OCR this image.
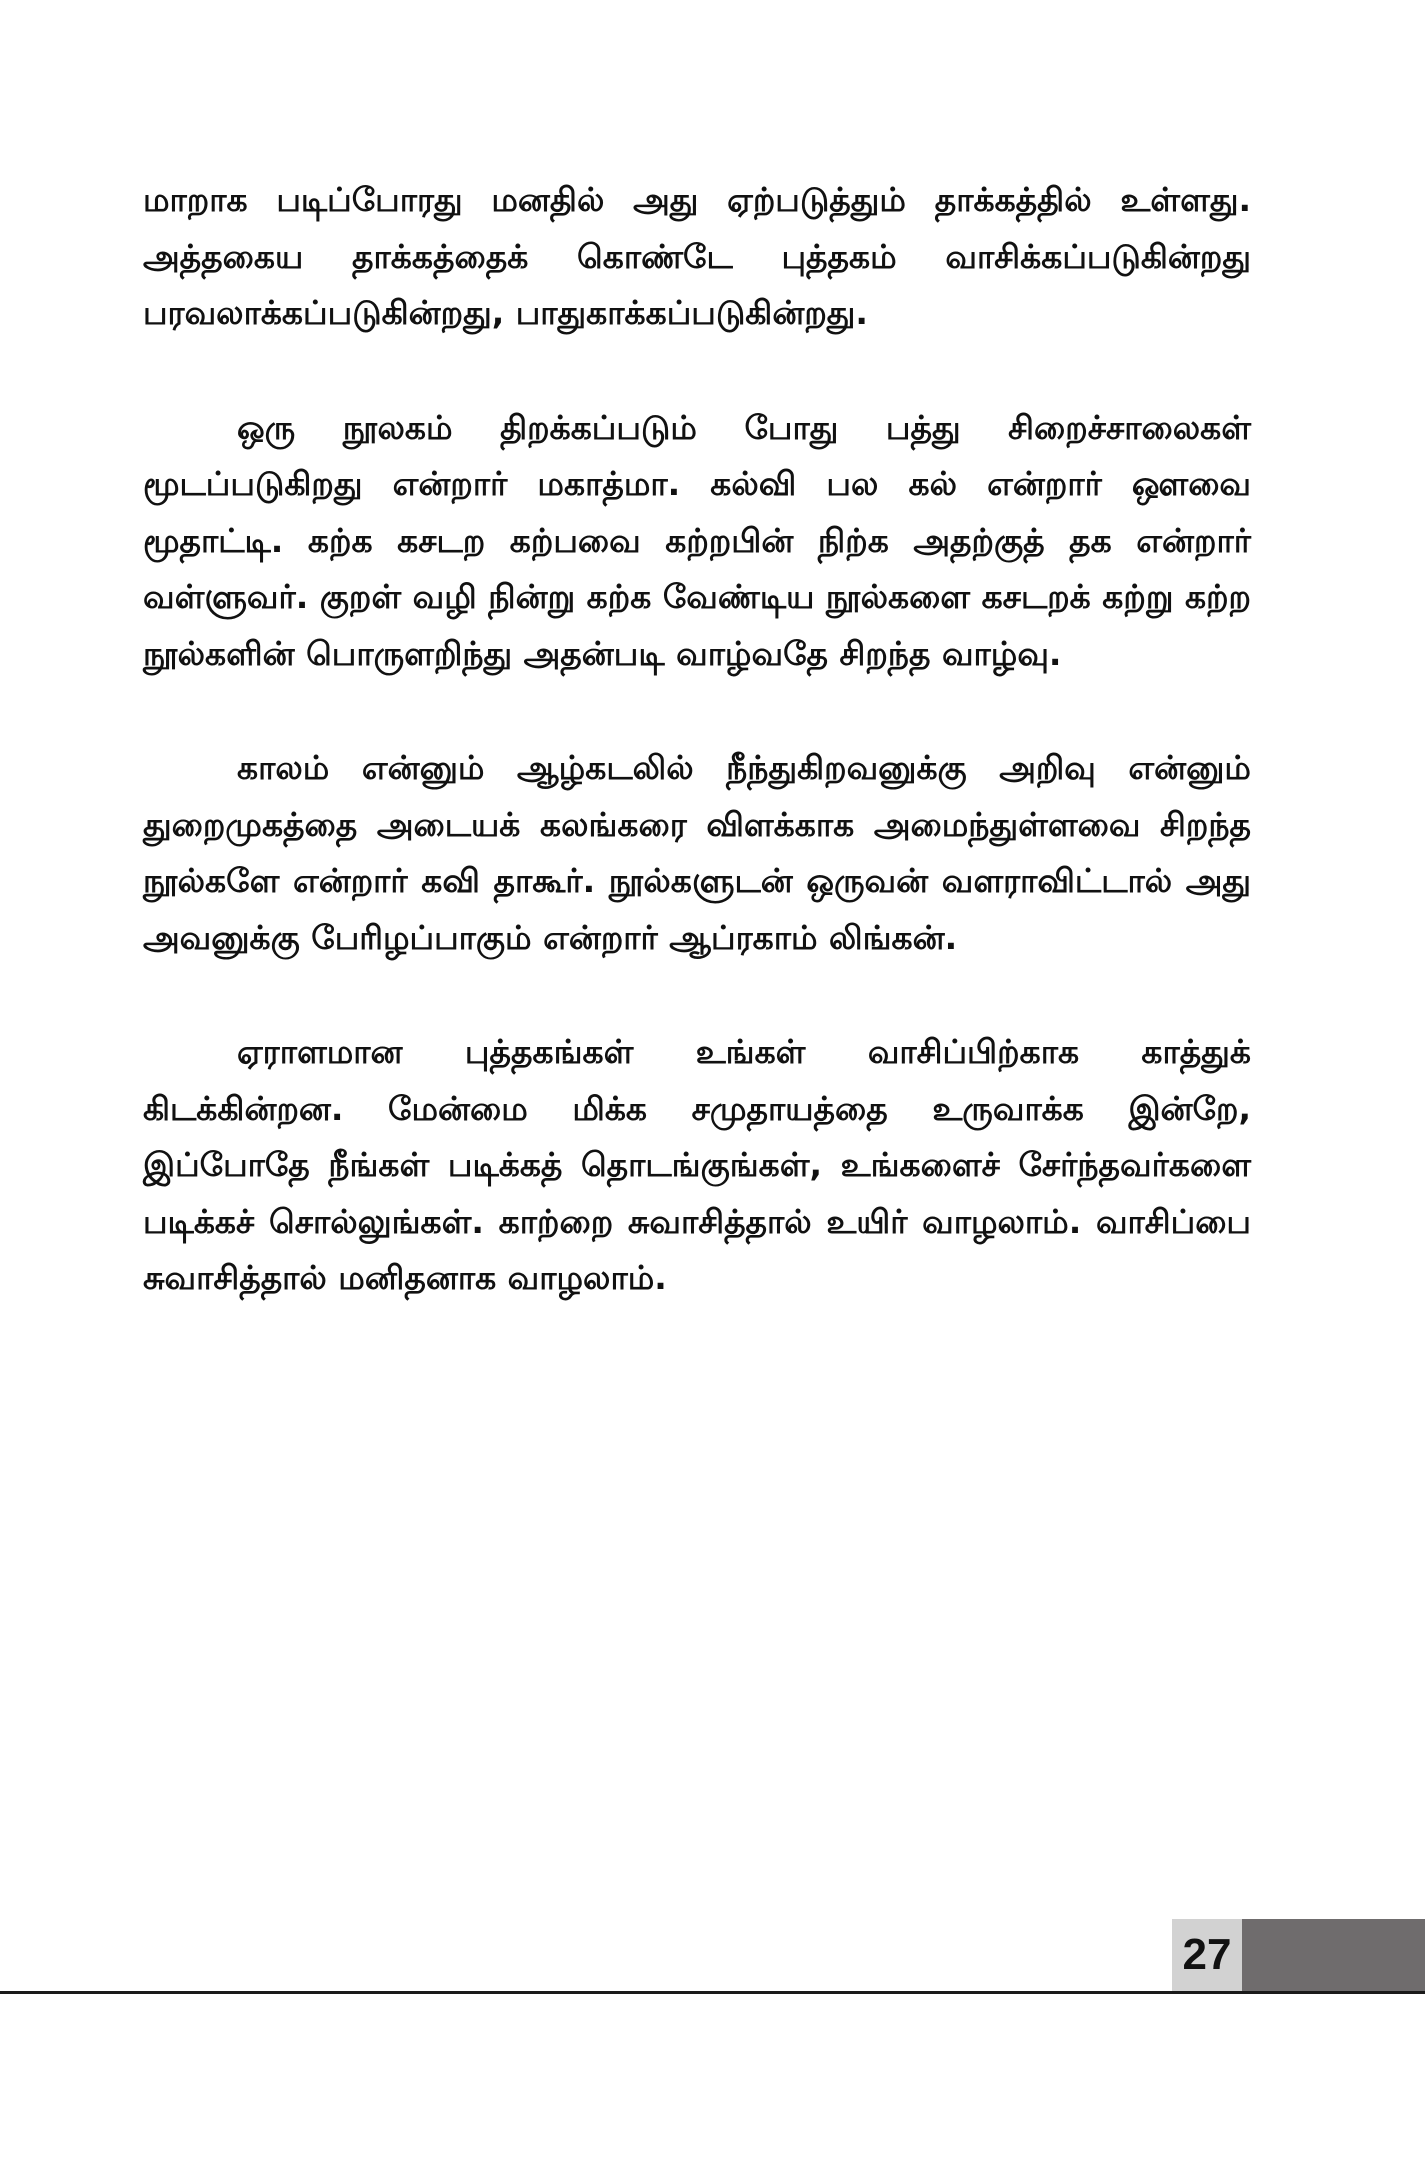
மாறாக படிப்போரது மனதில் அது ஏற்படுத்தும் தாக்கத்தில் உள்ளது. அத்தகைய தாக்கத்தைக் கொண்டே புத்தகம் வாசிக்கப்படுகின்றது பரவலாக்கப்படுகின்றது, பாதுகாக்கப்படுகின்றது.

ஒரு நூலகம் திறக்கப்படும் போது பத்து சிறைச்சாலைகள் மூடப்படுகிறது என்றார் மகாத்மா. கல்வி பல கல் என்றார் ஔவை மூதாட்டி. கற்க கசடற கற்பவை கற்றபின் நிற்க அதற்குத் தக என்றார் வள்ளுவர். குறள் வழி நின்று கற்க வேண்டிய நூல்களை கசடறக் கற்று கற்ற நூல்களின் பொருளறிந்து அதன்படி வாழ்வதே சிறந்த வாழ்வு.

காலம் என்னும் ஆழ்கடலில் நீந்துகிறவனுக்கு அறிவு என்னும் துறைமுகத்தை அடையக் கலங்கரை விளக்காக அமைந்துள்ளவை சிறந்த நூல்களே என்றார் கவி தாகூர். நூல்களுடன் ஒருவன் வளராவிட்டால் அது அவனுக்கு பேரிழப்பாகும் என்றார் ஆப்ரகாம் லிங்கன்.

ஏராளமான புத்தகங்கள் உங்கள் வாசிப்பிற்காக காத்துக் கிடக்கின்றன. மேன்மை மிக்க சமுதாயத்தை உருவாக்க இன்றே, இப்போதே நீங்கள் படிக்கத் தொடங்குங்கள், உங்களைச் சேர்ந்தவர்களை படிக்கச் சொல்லுங்கள். காற்றை சுவாசித்தால் உயிர் வாழலாம். வாசிப்பை சுவாசித்தால் மனிதனாக வாழலாம்.

27
